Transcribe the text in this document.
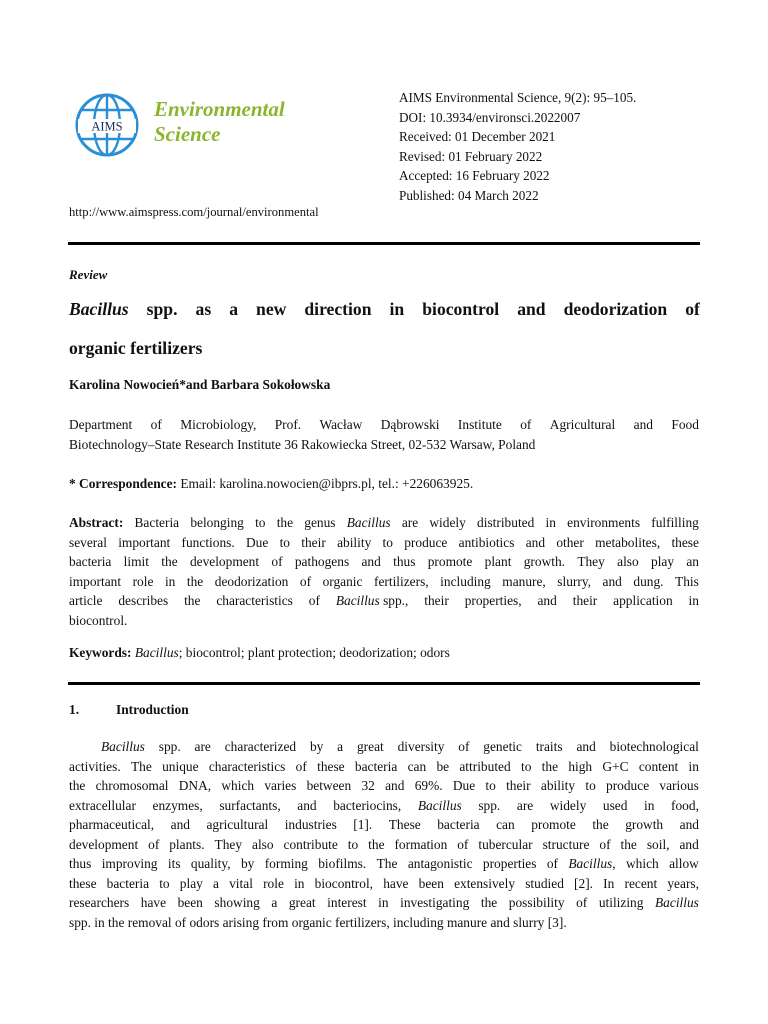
AIMS
Environmental
Science
AIMS Environmental Science, 9(2): 95–105.
DOI: 10.3934/environsci.2022007
Received: 01 December 2021
Revised: 01 February 2022
Accepted: 16 February 2022
Published: 04 March 2022
http://www.aimspress.com/journal/environmental
Review
Bacillus spp. as a new direction in biocontrol and deodorization of
organic fertilizers
Karolina Nowocień*and Barbara Sokołowska
Department of Microbiology, Prof. Wacław Dąbrowski Institute of Agricultural and Food
Biotechnology–State Research Institute 36 Rakowiecka Street, 02-532 Warsaw, Poland
* Correspondence: Email: karolina.nowocien@ibprs.pl, tel.: +226063925.
Abstract: Bacteria belonging to the genus Bacillus are widely distributed in environments fulfilling
several important functions. Due to their ability to produce antibiotics and other metabolites, these
bacteria limit the development of pathogens and thus promote plant growth. They also play an
important role in the deodorization of organic fertilizers, including manure, slurry, and dung. This
article describes the characteristics of Bacillus spp., their properties, and their application in
biocontrol.
Keywords: Bacillus; biocontrol; plant protection; deodorization; odors
1.	Introduction
Bacillus spp. are characterized by a great diversity of genetic traits and biotechnological
activities. The unique characteristics of these bacteria can be attributed to the high G+C content in
the chromosomal DNA, which varies between 32 and 69%. Due to their ability to produce various
extracellular enzymes, surfactants, and bacteriocins, Bacillus spp. are widely used in food,
pharmaceutical, and agricultural industries [1]. These bacteria can promote the growth and
development of plants. They also contribute to the formation of tubercular structure of the soil, and
thus improving its quality, by forming biofilms. The antagonistic properties of Bacillus, which allow
these bacteria to play a vital role in biocontrol, have been extensively studied [2]. In recent years,
researchers have been showing a great interest in investigating the possibility of utilizing Bacillus
spp. in the removal of odors arising from organic fertilizers, including manure and slurry [3].
